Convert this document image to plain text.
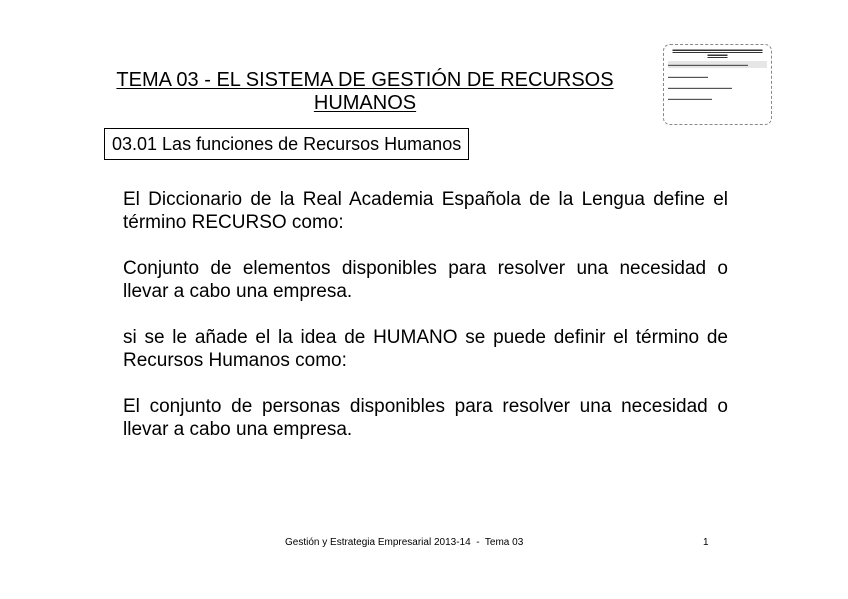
TEMA 03 - EL SISTEMA DE GESTIÓN DE RECURSOS
HUMANOS
03.01 Las funciones de Recursos Humanos

El Diccionario de la Real Academia Española de la Lengua define el término RECURSO como:

Conjunto de elementos disponibles para resolver una necesidad o llevar a cabo una empresa.

si se le añade el la idea de HUMANO se puede definir el término de Recursos Humanos como:

El conjunto de personas disponibles para resolver una necesidad o llevar a cabo una empresa.

▬▬▬▬▬▬▬▬▬▬▬▬▬▬▬▬▬▬
▬▬▬▬
▬▬▬▬▬▬▬▬▬▬▬▬▬▬▬▬▬▬▬▬
▬▬▬▬▬▬▬▬▬▬
▬▬▬▬▬▬▬▬▬▬▬▬▬▬▬▬
▬▬▬▬▬▬▬▬▬▬▬
Gestión y Estrategia Empresarial 2013-14  -  Tema 03	1
